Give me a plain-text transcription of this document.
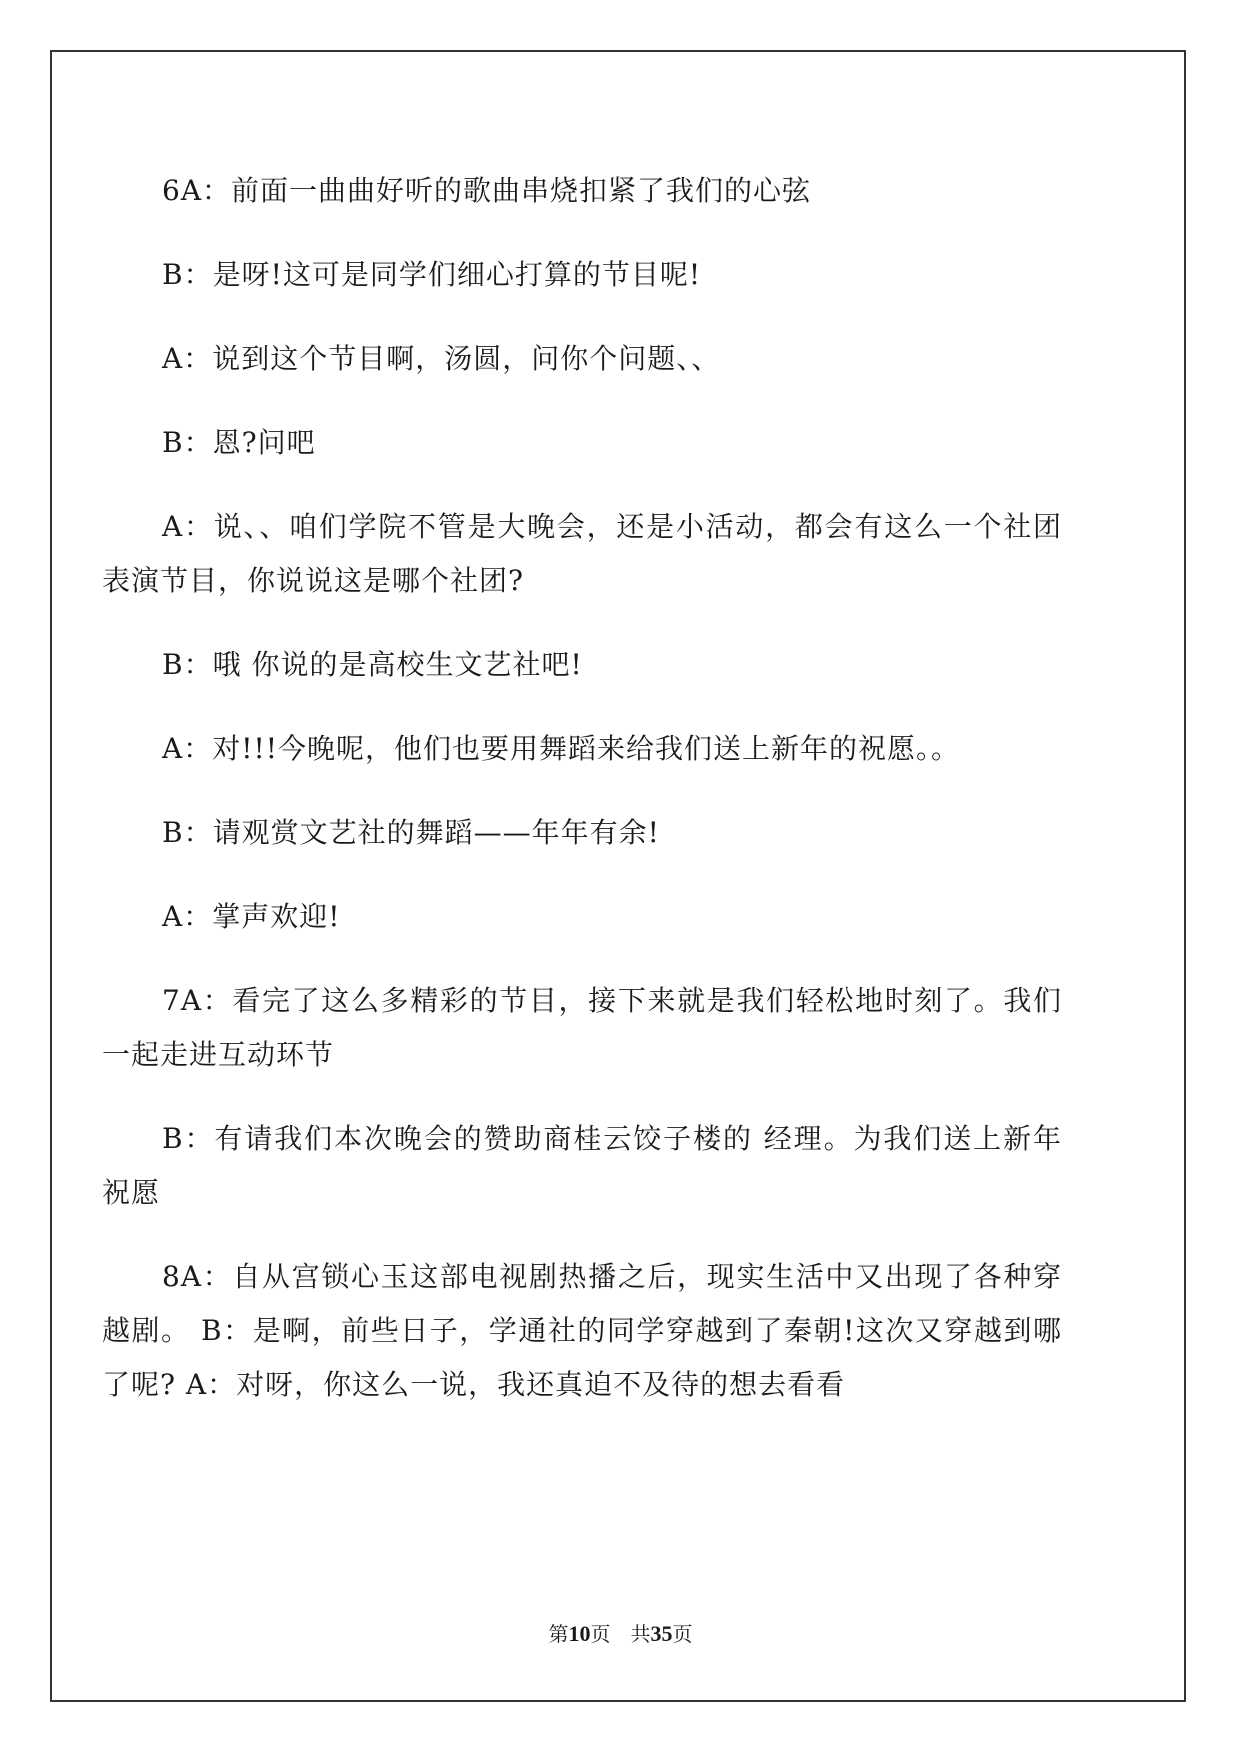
6A：前面一曲曲好听的歌曲串烧扣紧了我们的心弦

B：是呀!这可是同学们细心打算的节目呢!

A：说到这个节目啊，汤圆，问你个问题、、

B：恩?问吧

A：说、、咱们学院不管是大晚会，还是小活动，都会有这么一个社团表演节目，你说说这是哪个社团?

B：哦 你说的是高校生文艺社吧!

A：对!!!今晚呢，他们也要用舞蹈来给我们送上新年的祝愿。。

B：请观赏文艺社的舞蹈——年年有余!

A：掌声欢迎!

7A：看完了这么多精彩的节目，接下来就是我们轻松地时刻了。我们一起走进互动环节

B：有请我们本次晚会的赞助商桂云饺子楼的 经理。为我们送上新年祝愿

8A：自从宫锁心玉这部电视剧热播之后，现实生活中又出现了各种穿越剧。 B：是啊，前些日子，学通社的同学穿越到了秦朝!这次又穿越到哪了呢? A：对呀，你这么一说，我还真迫不及待的想去看看

第10页 共35页
